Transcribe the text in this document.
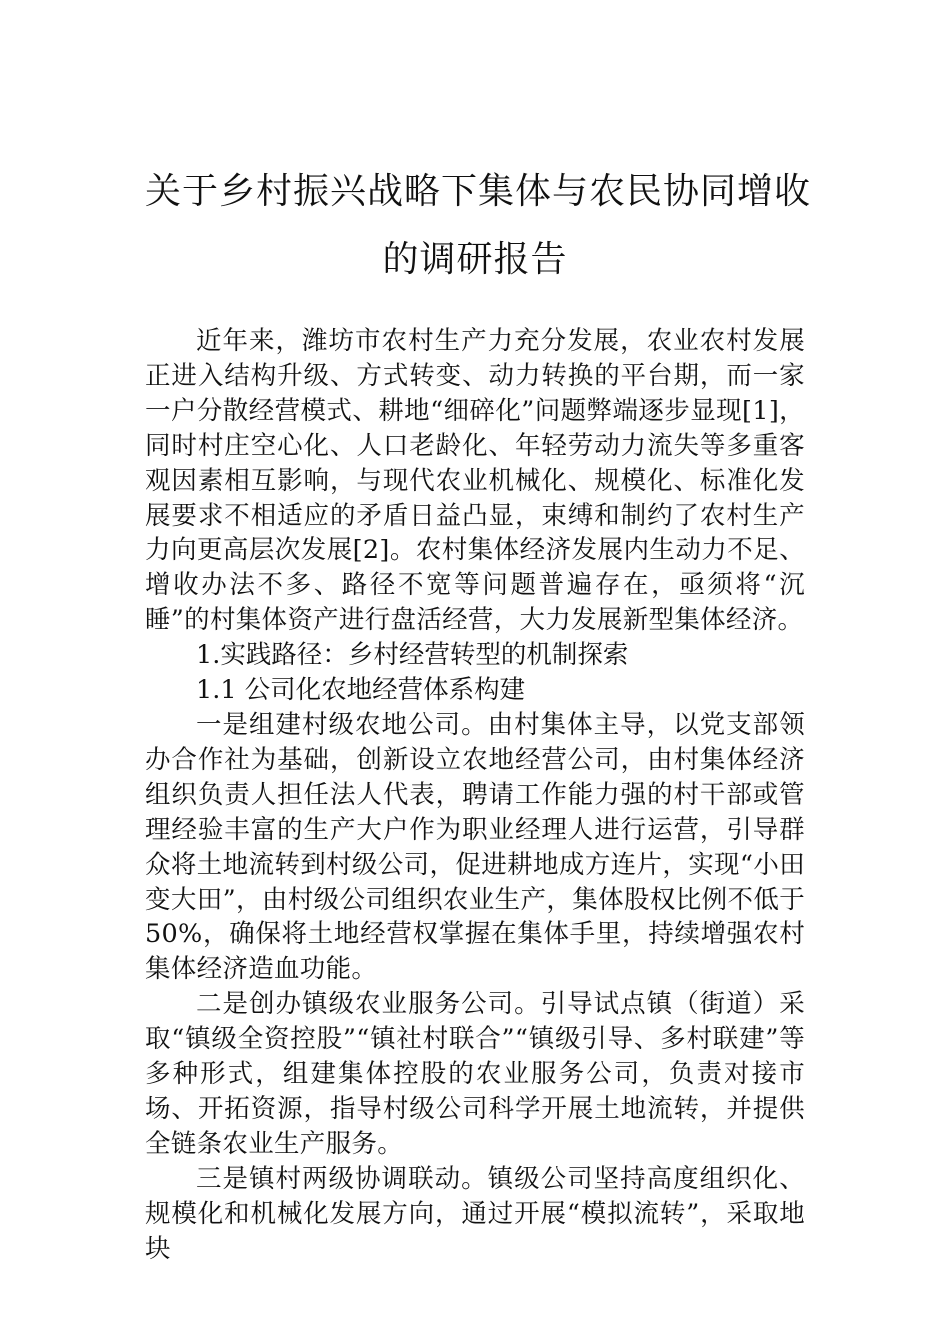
关于乡村振兴战略下集体与农民协同增收
的调研报告

近年来，潍坊市农村生产力充分发展，农业农村发展正进入结构升级、方式转变、动力转换的平台期，而一家一户分散经营模式、耕地“细碎化”问题弊端逐步显现[1]，同时村庄空心化、人口老龄化、年轻劳动力流失等多重客观因素相互影响，与现代农业机械化、规模化、标准化发展要求不相适应的矛盾日益凸显，束缚和制约了农村生产力向更高层次发展[2]。农村集体经济发展内生动力不足、增收办法不多、路径不宽等问题普遍存在，亟须将“沉睡”的村集体资产进行盘活经营，大力发展新型集体经济。

1.实践路径：乡村经营转型的机制探索

1.1 公司化农地经营体系构建

一是组建村级农地公司。由村集体主导，以党支部领办合作社为基础，创新设立农地经营公司，由村集体经济组织负责人担任法人代表，聘请工作能力强的村干部或管理经验丰富的生产大户作为职业经理人进行运营，引导群众将土地流转到村级公司，促进耕地成方连片，实现“小田变大田”，由村级公司组织农业生产，集体股权比例不低于50%，确保将土地经营权掌握在集体手里，持续增强农村集体经济造血功能。

二是创办镇级农业服务公司。引导试点镇（街道）采取“镇级全资控股”“镇社村联合”“镇级引导、多村联建”等多种形式，组建集体控股的农业服务公司，负责对接市场、开拓资源，指导村级公司科学开展土地流转，并提供全链条农业生产服务。

三是镇村两级协调联动。镇级公司坚持高度组织化、规模化和机械化发展方向，通过开展“模拟流转”，采取地块
